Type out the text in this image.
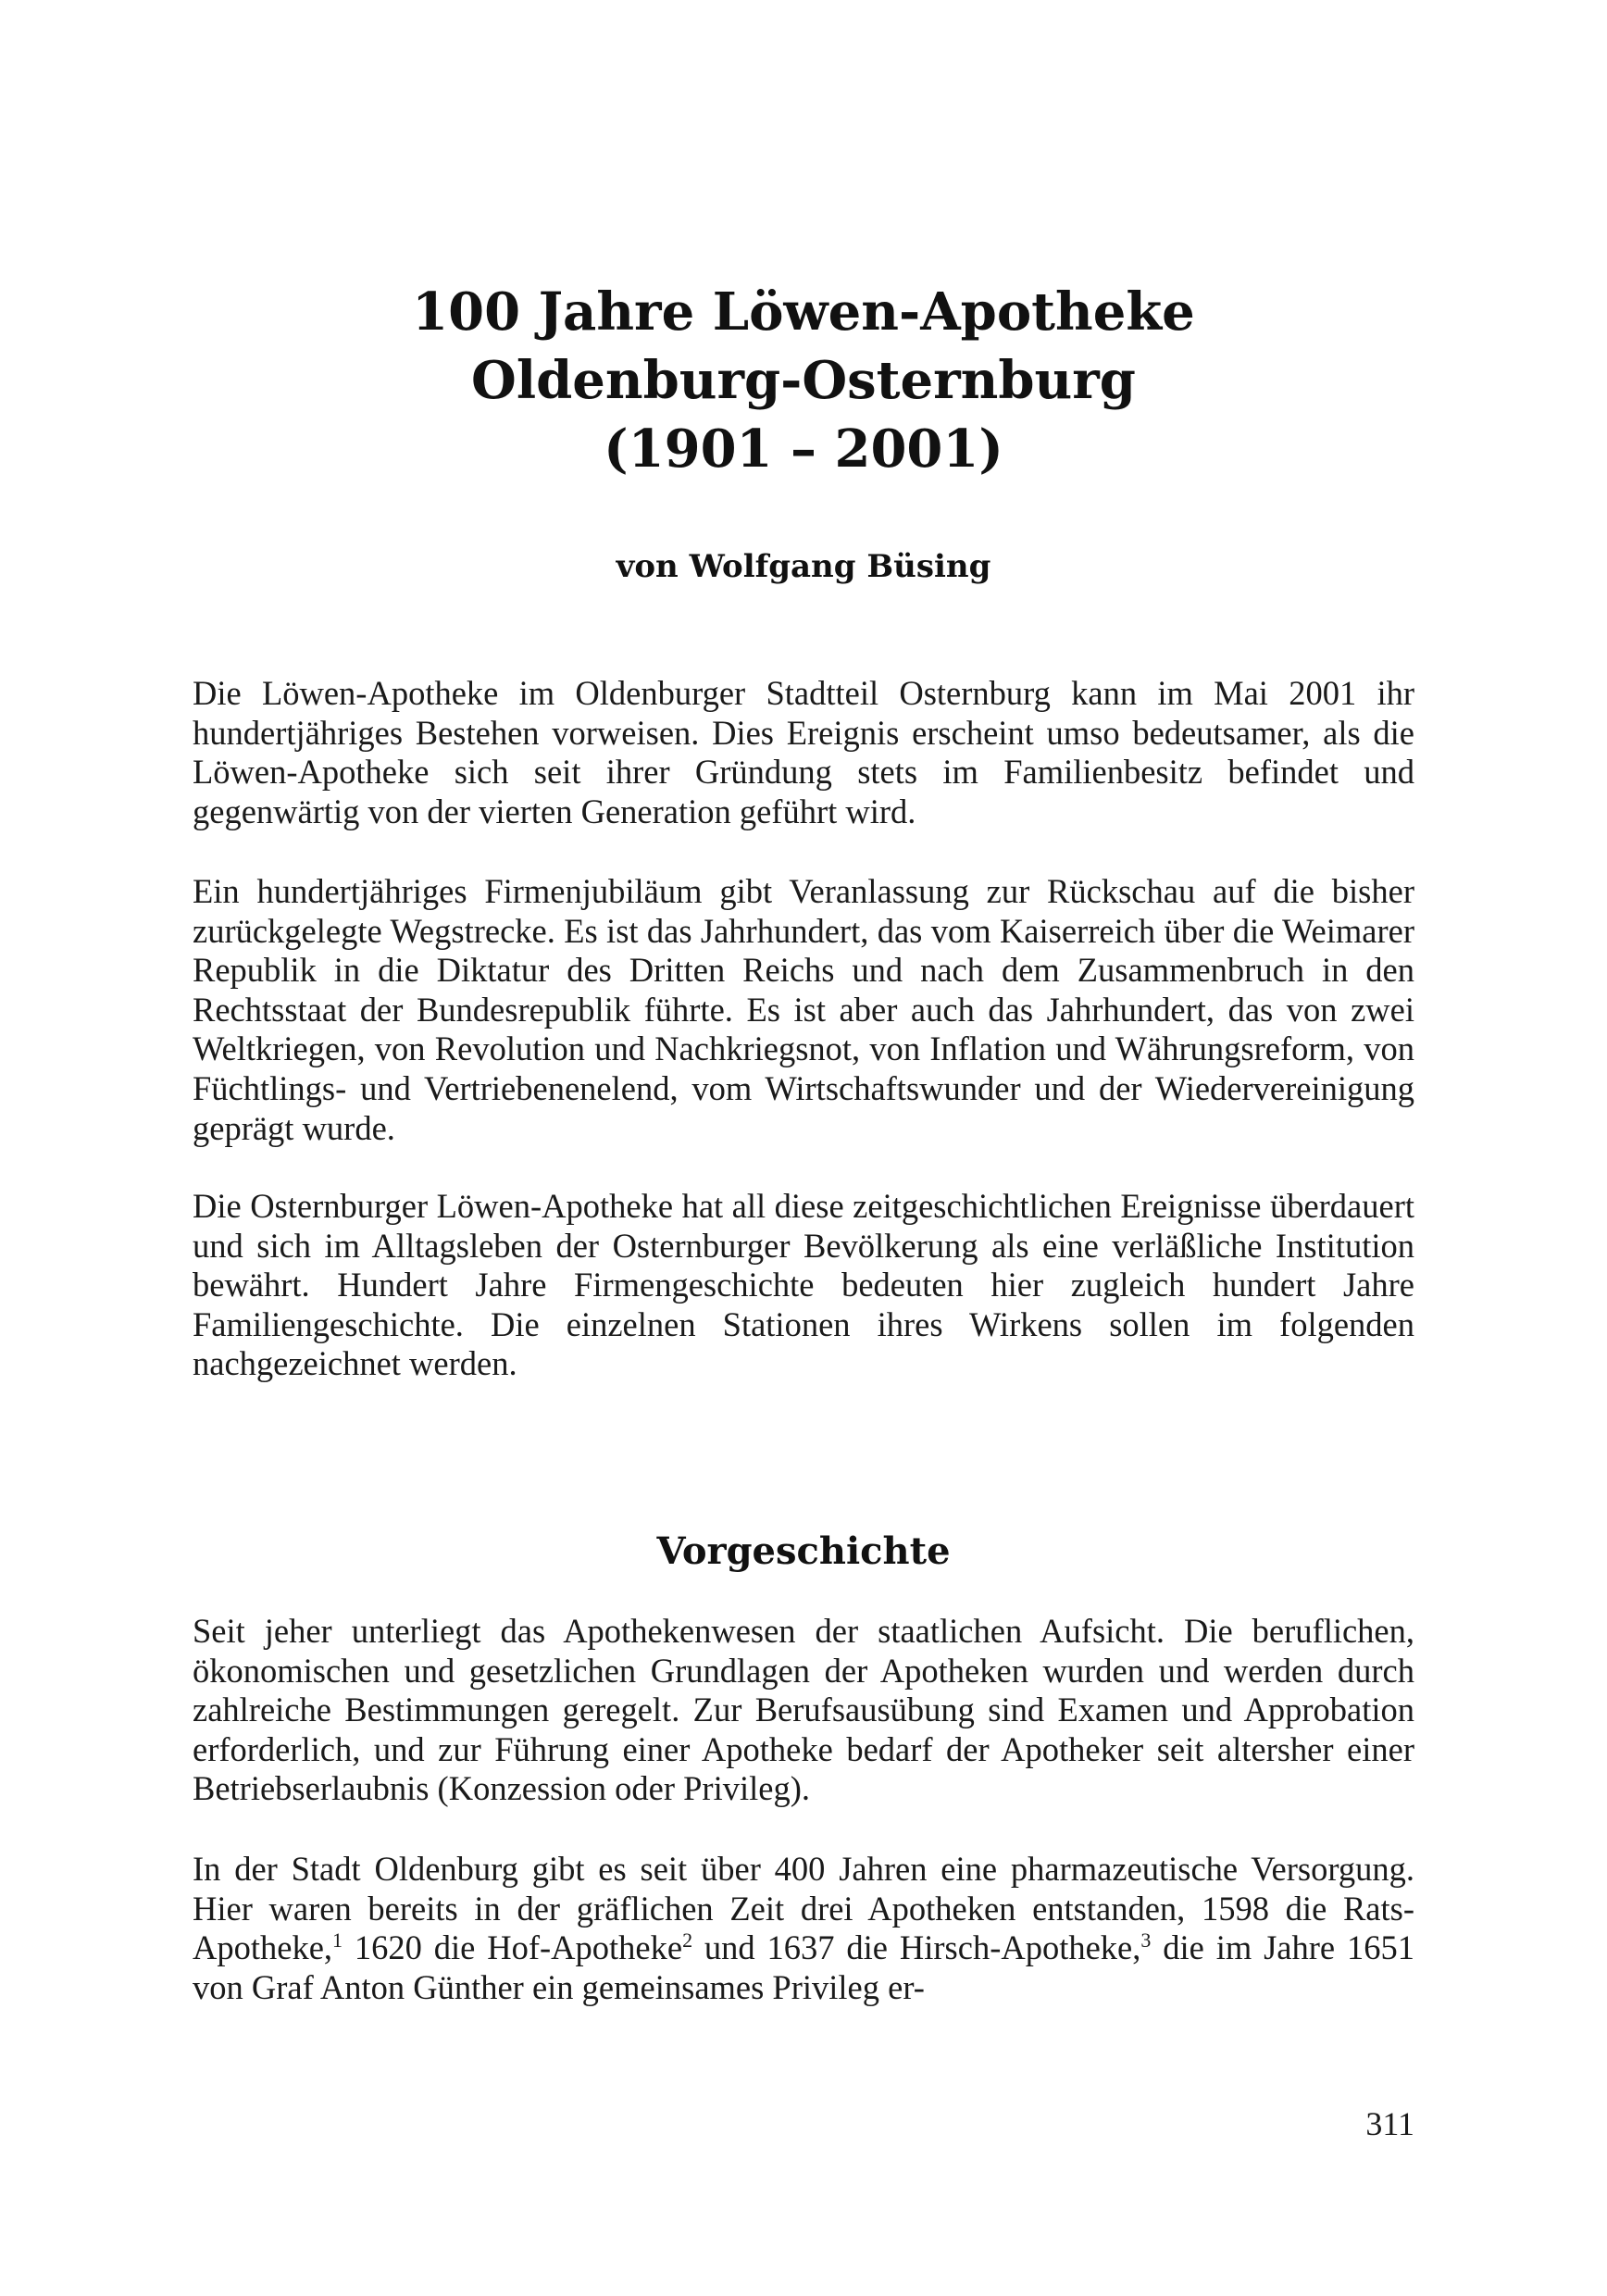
100 Jahre Löwen-Apotheke
Oldenburg-Osternburg
(1901 – 2001)
von Wolfgang Büsing

Die Löwen-Apotheke im Oldenburger Stadtteil Osternburg kann im Mai 2001 ihr hundertjähriges Bestehen vorweisen. Dies Ereignis erscheint umso bedeutsamer, als die Löwen-Apotheke sich seit ihrer Gründung stets im Familienbesitz befindet und gegenwärtig von der vierten Generation geführt wird.

Ein hundertjähriges Firmenjubiläum gibt Veranlassung zur Rückschau auf die bisher zurückgelegte Wegstrecke. Es ist das Jahrhundert, das vom Kaiserreich über die Weimarer Republik in die Diktatur des Dritten Reichs und nach dem Zusammenbruch in den Rechtsstaat der Bundesrepublik führte. Es ist aber auch das Jahrhundert, das von zwei Weltkriegen, von Revolution und Nachkriegsnot, von Inflation und Währungsreform, von Füchtlings- und Vertriebenenelend, vom Wirtschaftswunder und der Wiedervereinigung geprägt wurde.

Die Osternburger Löwen-Apotheke hat all diese zeitgeschichtlichen Ereignisse überdauert und sich im Alltagsleben der Osternburger Bevölkerung als eine verläßliche Institution bewährt. Hundert Jahre Firmengeschichte bedeuten hier zugleich hundert Jahre Familiengeschichte. Die einzelnen Stationen ihres Wirkens sollen im folgenden nachgezeichnet werden.

Vorgeschichte

Seit jeher unterliegt das Apothekenwesen der staatlichen Aufsicht. Die beruflichen, ökonomischen und gesetzlichen Grundlagen der Apotheken wurden und werden durch zahlreiche Bestimmungen geregelt. Zur Berufsausübung sind Examen und Approbation erforderlich, und zur Führung einer Apotheke bedarf der Apotheker seit altersher einer Betriebserlaubnis (Konzession oder Privileg).

In der Stadt Oldenburg gibt es seit über 400 Jahren eine pharmazeutische Versorgung. Hier waren bereits in der gräflichen Zeit drei Apotheken entstanden, 1598 die Rats-Apotheke,$^1$ 1620 die Hof-Apotheke$^2$ und 1637 die Hirsch-Apotheke,$^3$ die im Jahre 1651 von Graf Anton Günther ein gemeinsames Privileg er-

311
